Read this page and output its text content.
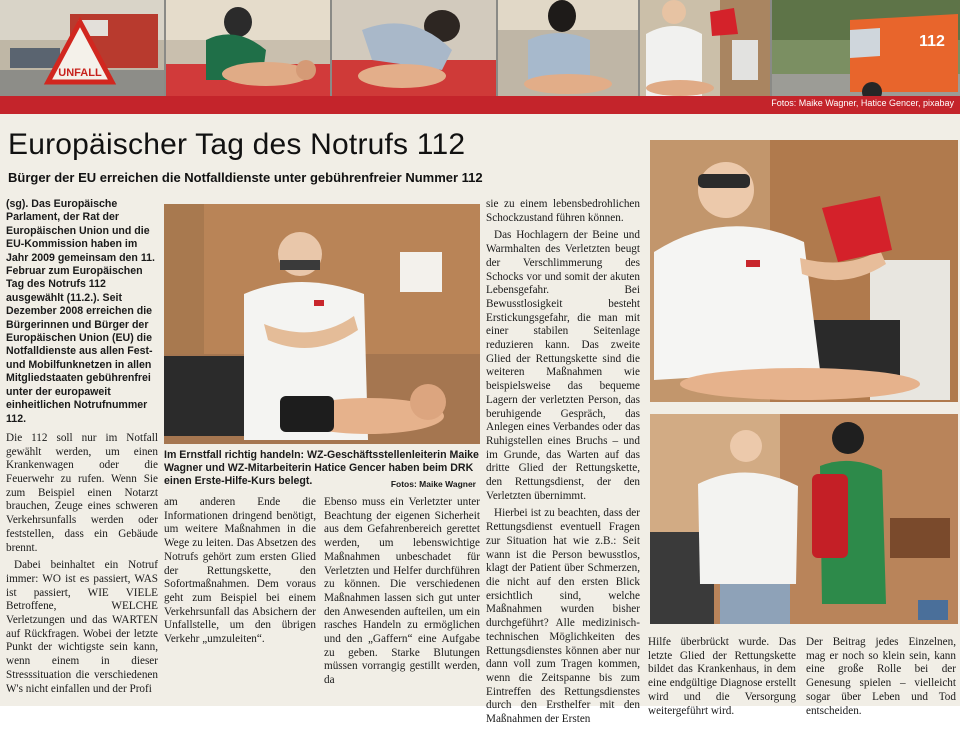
UNFALL
112
Fotos: Maike Wagner, Hatice Gencer, pixabay
Europäischer Tag des Notrufs 112
Bürger der EU erreichen die Notfalldienste unter gebührenfreier Nummer 112

(sg). Das Europäische Parlament, der Rat der Europäischen Union und die EU-Kommission haben im Jahr 2009 gemeinsam den 11. Februar zum Europäischen Tag des Notrufs 112 ausgewählt (11.2.). Seit Dezember 2008 erreichen die Bürgerinnen und Bürger der Europäischen Union (EU) die Notfalldienste aus allen Fest- und Mobilfunknetzen in allen Mitgliedstaaten gebührenfrei unter der europaweit einheitlichen Notrufnummer 112.

Die 112 soll nur im Notfall gewählt werden, um einen Krankenwagen oder die Feuerwehr zu rufen. Wenn Sie zum Beispiel einen Notarzt brauchen, Zeuge eines schweren Verkehrsunfalls werden oder feststellen, dass ein Gebäude brennt.

Dabei beinhaltet ein Notruf immer: WO ist es passiert, WAS ist passiert, WIE VIELE Betroffene, WELCHE Verletzungen und das WARTEN auf Rückfragen. Wobei der letzte Punkt der wichtigste sein kann, wenn einem in dieser Stresssituation die verschiedenen W's nicht einfallen und der Profi

Im Ernstfall richtig handeln: WZ-Geschäftsstellenleiterin Maike Wagner und WZ-Mitarbeiterin Hatice Gencer haben beim DRK einen Erste-Hilfe-Kurs belegt.	Fotos: Maike Wagner

am anderen Ende die Informationen dringend benötigt, um weitere Maßnahmen in die Wege zu leiten. Das Absetzen des Notrufs gehört zum ersten Glied der Rettungskette, den Sofortmaßnahmen. Dem voraus geht zum Beispiel bei einem Verkehrsunfall das Absichern der Unfallstelle, um den übrigen Verkehr „umzuleiten“.

Ebenso muss ein Verletzter unter Beachtung der eigenen Sicherheit aus dem Gefahrenbereich gerettet werden, um lebenswichtige Maßnahmen unbeschadet für Verletzten und Helfer durchführen zu können. Die verschiedenen Maßnahmen lassen sich gut unter den Anwesenden aufteilen, um ein rasches Handeln zu ermöglichen und den „Gaffern“ eine Aufgabe zu geben. Starke Blutungen müssen vorrangig gestillt werden, da

sie zu einem lebensbedrohlichen Schockzustand führen können.

Das Hochlagern der Beine und Warmhalten des Verletzten beugt der Verschlimmerung des Schocks vor und somit der akuten Lebensgefahr. Bei Bewusstlosigkeit besteht Erstickungsgefahr, die man mit einer stabilen Seitenlage reduzieren kann. Das zweite Glied der Rettungskette sind die weiteren Maßnahmen wie beispielsweise das bequeme Lagern der verletzten Person, das beruhigende Gespräch, das Anlegen eines Verbandes oder das Ruhigstellen eines Bruchs – und im Grunde, das Warten auf das dritte Glied der Rettungskette, den Rettungsdienst, der den Verletzten übernimmt.

Hierbei ist zu beachten, dass der Rettungsdienst eventuell Fragen zur Situation hat wie z.B.: Seit wann ist die Person bewusstlos, klagt der Patient über Schmerzen, die nicht auf den ersten Blick ersichtlich sind, welche Maßnahmen wurden bisher durchgeführt? Alle medizinisch-technischen Möglichkeiten des Rettungsdienstes können aber nur dann voll zum Tragen kommen, wenn die Zeitspanne bis zum Eintreffen des Rettungsdienstes durch den Ersthelfer mit den Maßnahmen der Ersten

Hilfe überbrückt wurde. Das letzte Glied der Rettungskette bildet das Krankenhaus, in dem eine endgültige Diagnose erstellt wird und die Versorgung weitergeführt wird.

Der Beitrag jedes Einzelnen, mag er noch so klein sein, kann eine große Rolle bei der Genesung spielen – vielleicht sogar über Leben und Tod entscheiden.
